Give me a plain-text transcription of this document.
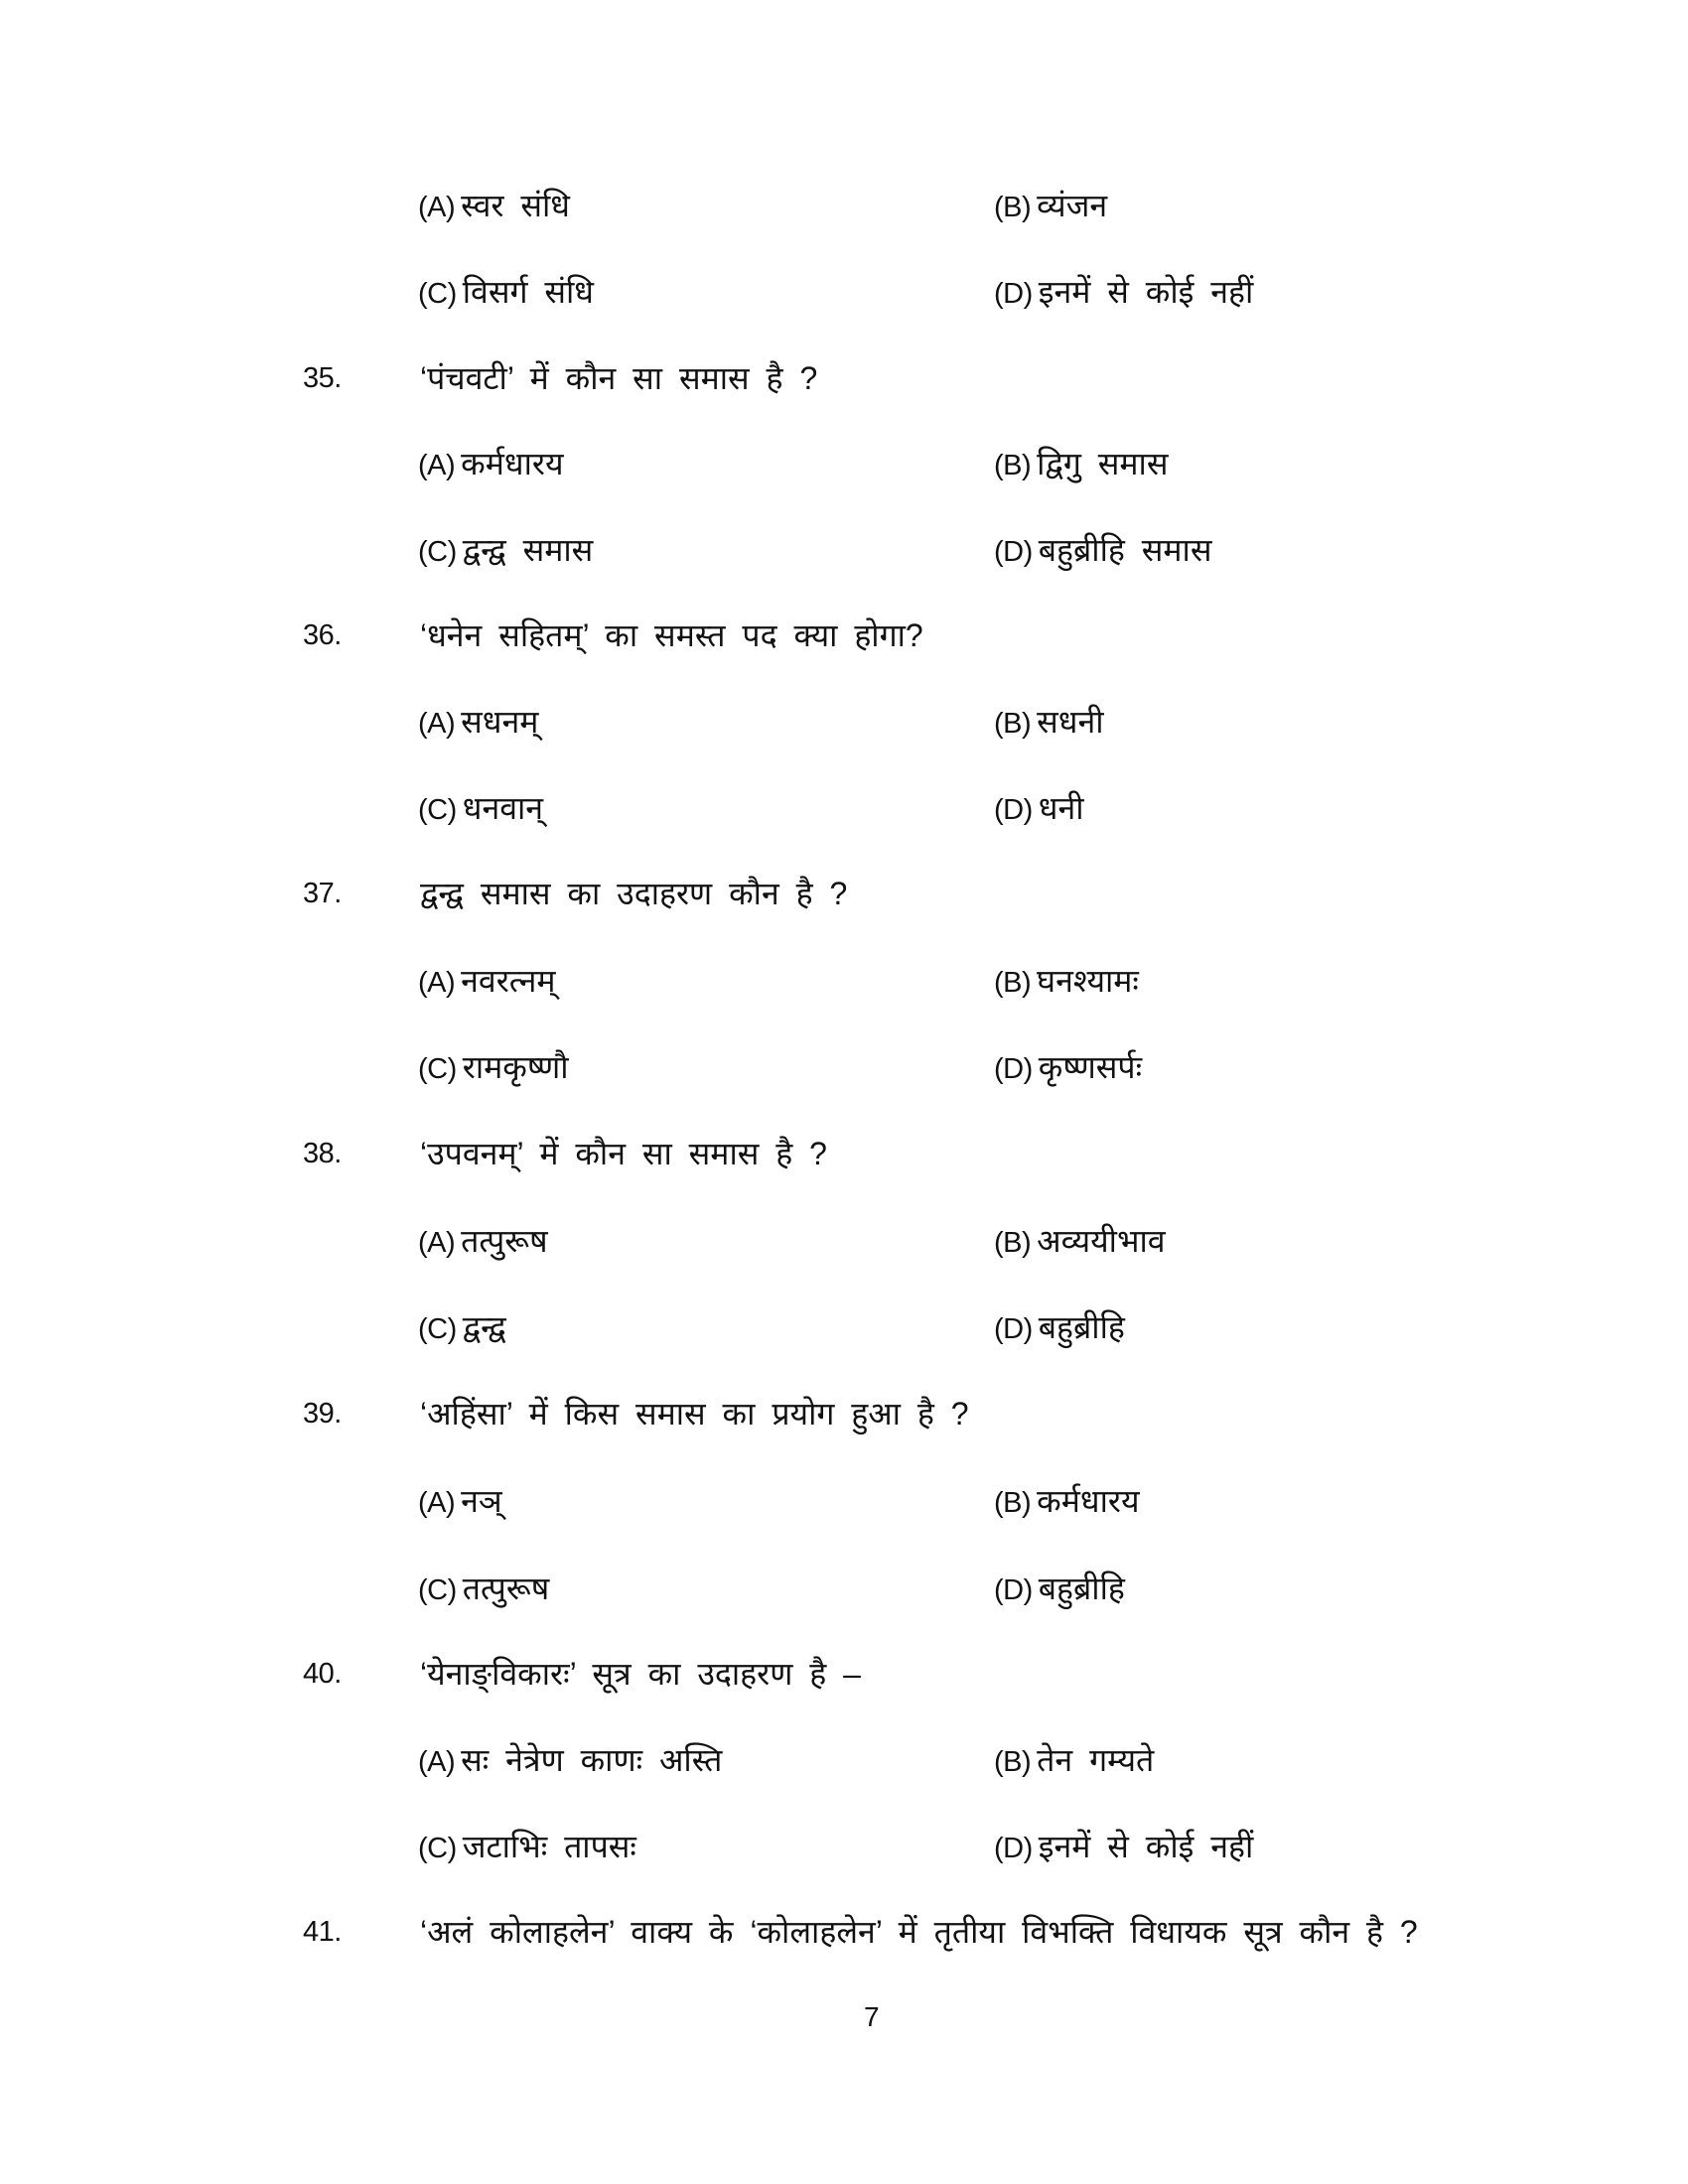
(A) स्वर संधि	(B) व्यंजन
(C) विसर्ग संधि	(D) इनमें से कोई नहीं
35.	‘पंचवटी’ में कौन सा समास है ?
(A) कर्मधारय	(B) द्विगु समास
(C) द्वन्द्व समास	(D) बहुब्रीहि समास
36.	‘धनेन सहितम्’ का समस्त पद क्या होगा?
(A) सधनम्	(B) सधनी
(C) धनवान्	(D) धनी
37.	द्वन्द्व समास का उदाहरण कौन है ?
(A) नवरत्नम्	(B) घनश्यामः
(C) रामकृष्णौ	(D) कृष्णसर्पः
38.	‘उपवनम्’ में कौन सा समास है ?
(A) तत्पुरूष	(B) अव्ययीभाव
(C) द्वन्द्व	(D) बहुब्रीहि
39.	‘अहिंसा’ में किस समास का प्रयोग हुआ है ?
(A) नञ्	(B) कर्मधारय
(C) तत्पुरूष	(D) बहुब्रीहि
40.	‘येनाङ्विकारः’ सूत्र का उदाहरण है –
(A) सः नेत्रेण काणः अस्ति	(B) तेन गम्यते
(C) जटाभिः तापसः	(D) इनमें से कोई नहीं
41.	‘अलं कोलाहलेन’ वाक्य के ‘कोलाहलेन’ में तृतीया विभक्ति विधायक सूत्र कौन है ?
7
